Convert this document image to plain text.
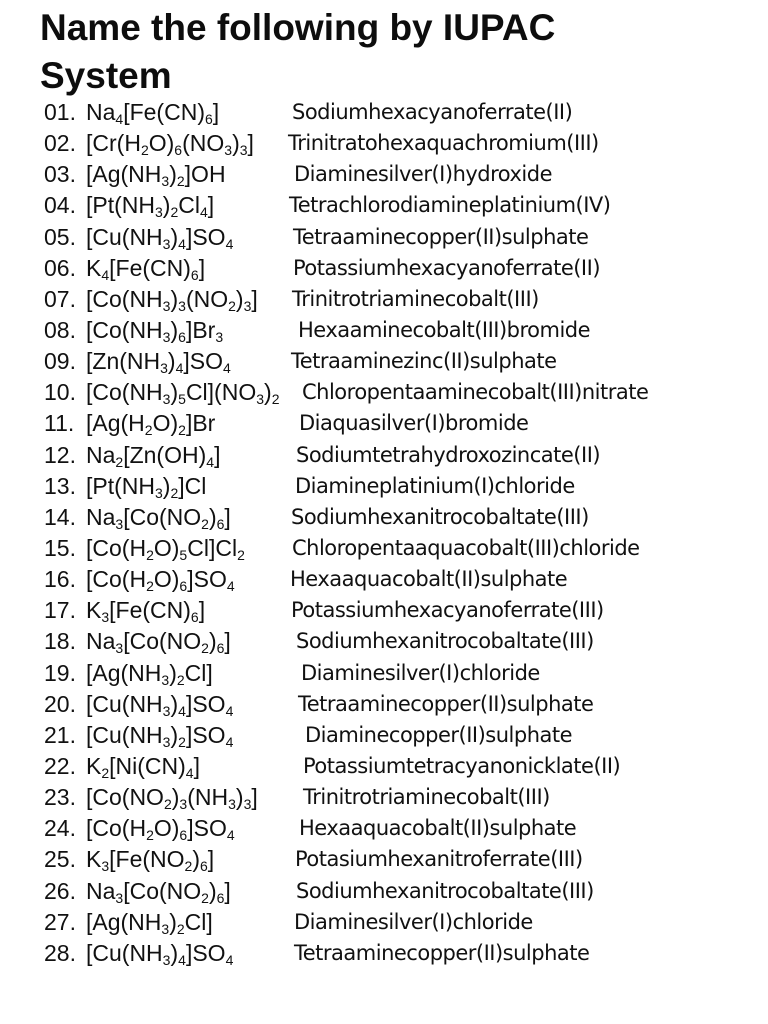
Name the following by IUPAC
System
01. $Na_4[Fe(CN)_6]$	Sodiumhexacyanoferrate(II)
02. $[Cr(H_2O)_6(NO_3)_3]$ Trinitratohexaquachromium(III)
03. $[Ag(NH_3)_2]OH$	Diaminesilver(I)hydroxide
04. $[Pt(NH_3)_2Cl_4]$	Tetrachlorodiamineplatinium(IV)
05. $[Cu(NH_3)_4]SO_4$	Tetraaminecopper(II)sulphate
06. $K_4[Fe(CN)_6]$	Potassiumhexacyanoferrate(II)
07. $[Co(NH_3)_3(NO_2)_3]$ Trinitrotriaminecobalt(III)
08. $[Co(NH_3)_6]Br_3$	Hexaaminecobalt(III)bromide
09. $[Zn(NH_3)_4]SO_4$	Tetraaminezinc(II)sulphate
10. $[Co(NH_3)_5Cl](NO_3)_2$ Chloropentaaminecobalt(III)nitrate
11. $[Ag(H_2O)_2]Br$	Diaquasilver(I)bromide
12. $Na_2[Zn(OH)_4]$	Sodiumtetrahydroxozincate(II)
13. $[Pt(NH_3)_2]Cl$	Diamineplatinium(I)chloride
14. $Na_3[Co(NO_2)_6]$	Sodiumhexanitrocobaltate(III)
15. $[Co(H_2O)_5Cl]Cl_2$ Chloropentaaquacobalt(III)chloride
16. $[Co(H_2O)_6]SO_4$	Hexaaquacobalt(II)sulphate
17. $K_3[Fe(CN)_6]$	Potassiumhexacyanoferrate(III)
18. $Na_3[Co(NO_2)_6]$	Sodiumhexanitrocobaltate(III)
19. $[Ag(NH_3)_2Cl]$	Diaminesilver(I)chloride
20. $[Cu(NH_3)_4]SO_4$	Tetraaminecopper(II)sulphate
21. $[Cu(NH_3)_2]SO_4$	Diaminecopper(II)sulphate
22. $K_2[Ni(CN)_4]$	Potassiumtetracyanonicklate(II)
23. $[Co(NO_2)_3(NH_3)_3]$ Trinitrotriaminecobalt(III)
24. $[Co(H_2O)_6]SO_4$	Hexaaquacobalt(II)sulphate
25. $K_3[Fe(NO_2)_6]$	Potasiumhexanitroferrate(III)
26. $Na_3[Co(NO_2)_6]$	Sodiumhexanitrocobaltate(III)
27. $[Ag(NH_3)_2Cl]$	Diaminesilver(I)chloride
28. $[Cu(NH_3)_4]SO_4$	Tetraaminecopper(II)sulphate
